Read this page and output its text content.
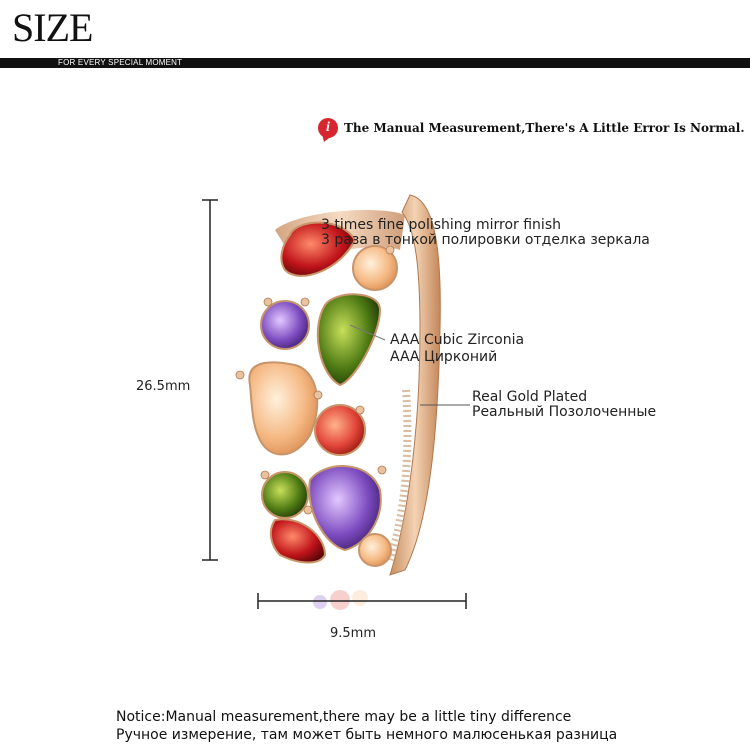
SIZE
FOR EVERY SPECIAL MOMENT
i	The Manual Measurement,There's A Little Error Is Normal.
26.5mm
9.5mm
3 times fine polishing mirror finish
3 раза в тонкой полировки отделка зеркала
AAA Cubic Zirconia
AAA Цирконий
Real Gold Plated
Реальный Позолоченные
Notice:Manual measurement,there may be a little tiny difference
Ручное измерение, там может быть немного малюсенькая разница
